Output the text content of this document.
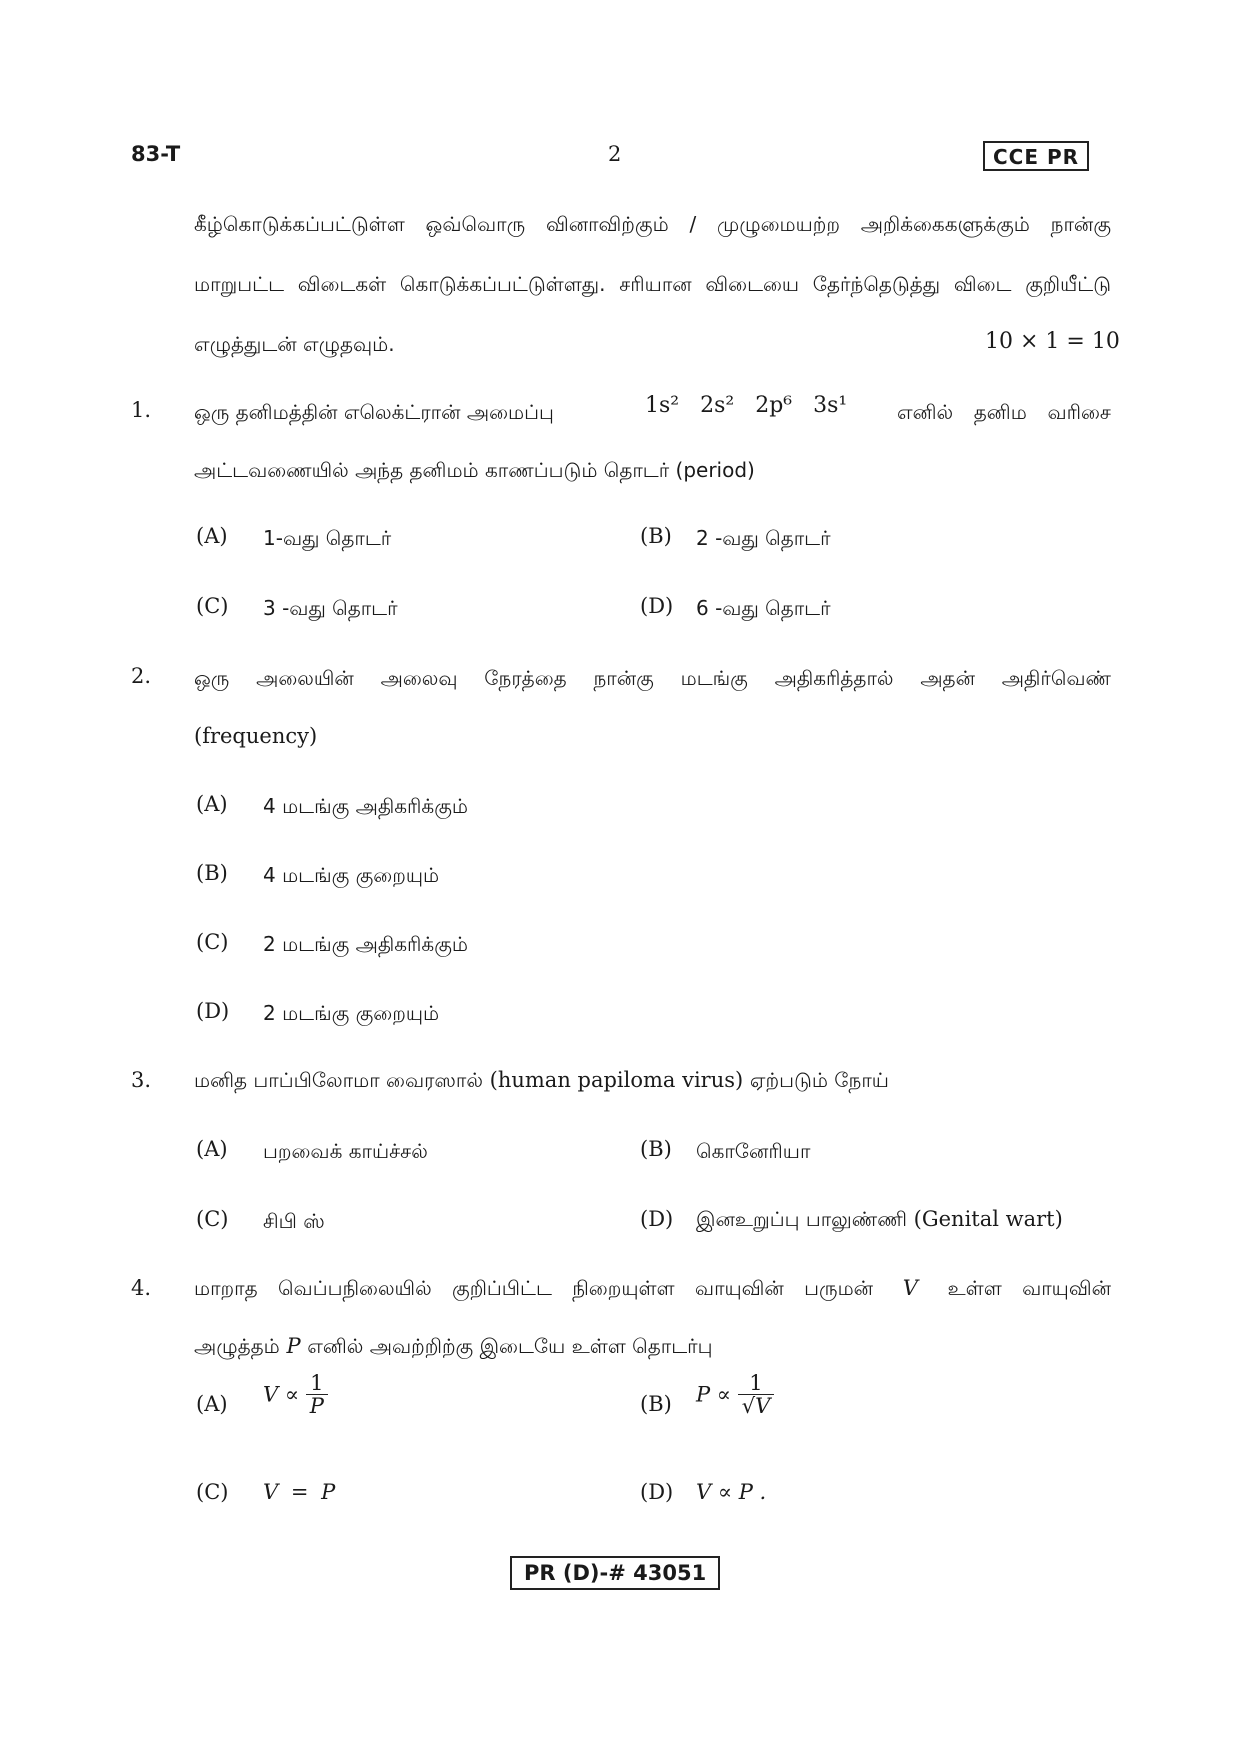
83-T	2	CCE PR
கீழ்கொடுக்கப்பட்டுள்ள ஒவ்வொரு வினாவிற்கும் / முழுமையற்ற அறிக்கைகளுக்கும் நான்கு
மாறுபட்ட விடைகள் கொடுக்கப்பட்டுள்ளது. சரியான விடையை தேர்ந்தெடுத்து விடை குறியீட்டு
எழுத்துடன் எழுதவும்.	10 × 1 = 10
1. ஒரு தனிமத்தின் எலெக்ட்ரான் அமைப்பு	1s² 2s² 2p⁶ 3s¹ எனில் தனிம வரிசை
அட்டவணையில் அந்த தனிமம் காணப்படும் தொடர் (period)
(A) 1-வது தொடர்	(B) 2 -வது தொடர்
(C) 3 -வது தொடர்	(D) 6 -வது தொடர்
2. ஒரு அலையின் அலைவு நேரத்தை நான்கு மடங்கு அதிகரித்தால் அதன் அதிர்வெண்
(frequency)
(A) 4 மடங்கு அதிகரிக்கும்
(B) 4 மடங்கு குறையும்
(C) 2 மடங்கு அதிகரிக்கும்
(D) 2 மடங்கு குறையும்
3. மனித பாப்பிலோமா வைரஸால் (human papiloma virus) ஏற்படும் நோய்
(A) பறவைக் காய்ச்சல்	(B) கொனேரியா
(C) சிபி ஸ்	(D) இனஉறுப்பு பாலுண்ணி (Genital wart)
4. மாறாத வெப்பநிலையில் குறிப்பிட்ட நிறையுள்ள வாயுவின் பருமன் V உள்ள வாயுவின்
அழுத்தம் P எனில் அவற்றிற்கு இடையே உள்ள தொடர்பு
(A) $V \propto \frac{1}{P}$	(B) $P \propto \frac{1}{√V}$
(C) V = P	(D) V ∝ P .
PR (D)-# 43051
